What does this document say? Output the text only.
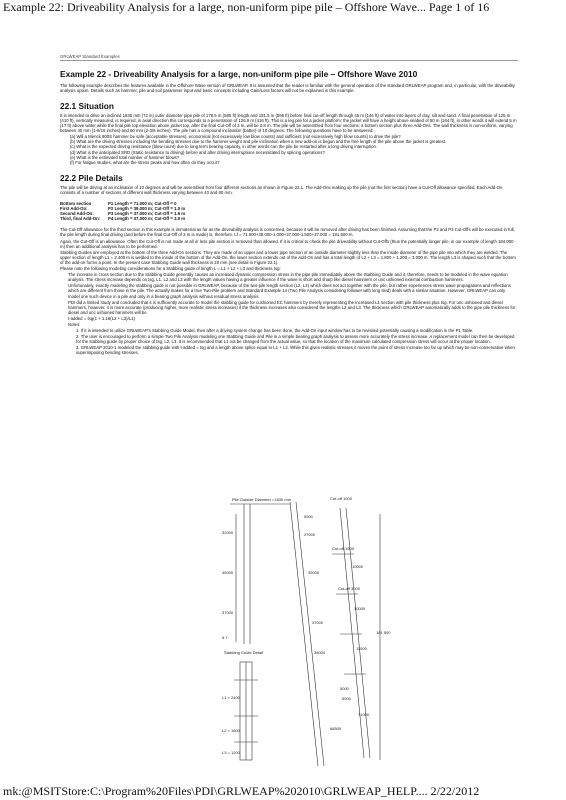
Example 22: Driveability Analysis for a large, non-uniform pipe pile – Offshore Wave... Page 1 of 16
GRLWEAP Standard Examples
Example 22 - Driveability Analysis for a large, non-uniform pipe pile – Offshore Wave 2010

The following example describes the features available in the Offshore Wave version of GRLWEAP. It is assumed that the reader is familiar with the general operation of the standard GRLWEAP program and, in particular, with the driveability analysis option. Details such as hammer, pile and soil parameter input and basic concepts including Gain/Loss factors will not be explained in this example.

22.1 Situation

It is intended to drive an inclined 1830 mm (72 in) outer diameter pipe pile of 178.5 m (585 ft) length and 181.5 m (595 ft) before final cut-off length through 45 m (146 ft) of water into layers of clay, silt and sand. A final penetration of 125 m (410 ft), vertically measured, is required, in axial direction this corresponds to a penetration of 126.9 m (416 ft). This is a leg pile for a jacket platform; the jacket will have a height above seabed of 50 m (164 ft), in other words it will extend 5 m (17 ft) above water while the final pile top elevation above jacket top, after the final Cut-Off of 3 m, will be 0.8 m. The pile will be assembled from four sections: a bottom section plus three Add-Ons. The wall thickness is non-uniform, varying between 40 mm (1-9/16 inches) and 60 mm (2-3/8 inches). The pile has a compound inclination (batter) of 10 degrees. The following questions have to be answered:

(a) Will a Menck 800S hammer be safe (acceptable stresses), economical (not excessively low blow counts) and sufficient (not excessively high blow counts) to drive the pile?
(b) What are the driving stresses including the bending stresses due to the hammer weight and pile inclination when a new add-on is begun and the free length of the pile above the jacket is greatest.
(c) What is the expected driving resistance (blow count) due to long term bearing capacity, in other words can the pile be restarted after a long driving interruption.
(d) What is the anticipated SRD (Static resistance to driving) before and after driving interruptions necessitated by splicing operations?
(e) What is the estimated total number of hammer blows?
(f) For fatigue studies, what are the stress peaks and how often do they occur?
22.2 Pile Details

The pile will be driving at an inclination of 10 degrees and will be assembled from four different sections as shown in Figure 22.1. The Add-Ons making up the pile (not the first section) have a Cut-Off allowance specified. Each Add-On consists of a number of sections of different wall thickness varying between 40 and 60 mm.

Bottom section	P1 Length = 71.000 m; Cut-Off = 0
First Add-On:	P2 Length = 39.000 m; Cut-Off = 1.0 m
Second Add-On:	P3 Length = 37.000 m; Cut-Off = 1.5 m
Third, final Add-On:	P4 Length = 37.000 m; Cut-Off = 3.0 m

The Cut-Off allowance for the third section in this example is immaterial as far as the driveability analysis is concerned, because it will be removed after driving has been finished. Assuming that the P2 and P3 Cut-Offs will be executed in full, the pile length during final driving (and before the final Cut-Off of 3 m is made) is, therefore, Lf = 71.000+39.000-1.000+37.000-1.500+37.000 = 181.500 m.

Again, the Cut-Off is an allowance. Often the Cut-Off is not made at all or less pile section is removed than allowed. If it is critical to check the pile driveability without Cut-Offs (thus the potentially longer pile, in our example of length 184.000 m) then an additional analysis has to be performed.

Stabbing Guides are employed at the bottom of the three Add-On sections. They are made of an upper and a lower pipe section of an outside diameter slightly less than the inside diameter of the pipe pile into which they are welded. The upper section of length L1 = 2.400 m is welded to the inside of the bottom of the Add-On, the lower section extends out of the Add-On and has a total length of L2 + L3 = 1.800 + 1.200 = 3.000 m. The length L3 is shaped such that the bottom of the add-on forms a point. In the present case Stabbing Guide wall thickness is 20 mm (see detail in Figure 22.1).

Please note the following modeling considerations for a Stabbing guide of length L = L1 + L2 + L3 and thickness tsg:

The increase in cross section due to the Stabbing Guide generally causes an increased dynamic compression stress in the pipe pile immediately above the Stabbing Guide and it, therefore, needs to be modeled in the wave equation analysis. The stress increase depends on tsg, L1, L2 and L3 with the length values having a greater influence if the wave is short and sharp like diesel hammers or unc ushioned external combustion hammers.

Unfortunately, exactly modeling the stabbing guide is not possible in GRLWEAP, because of the two-pile length section (L2, L3) which does not act together with the pile, but rather experiences stress wave propagations and reflections which are different from those in the pile. The actually makes for a true Two-Pile problem and Standard Example 14 (Two Pile Analysis considering follower with long sled) deals with a similar situation. However, GRLWEAP can only model one such device in a pile and only in a bearing graph analysis without residual stress analysis.

PDI did a limited study and concluded that it is sufficiently accurate to model the stabbing guide for cushioned EC hammers by merely representing the increased L1 section with pile thickness plus tsg. For unc ushioned and diesel hammers, however, it is more accurate (producing higher, more realistic stress increases) if the thickness increases also considered the lengths L2 and L3. The thickness which GRLWEAP automatically adds to the pipe pile thickness for diesel and unc ushioned hammers will be

t-added = tsg(1 + 1.16(L2 + L3)/L1)

Notes:

1. If it is intended to utilize GRLWEAP's Stabbing Guide Model, then after a driving system change has been done, the Add-On input window has to be revisited potentially causing a modification in the P1 Table.

2. The user is encouraged to perform a simple Two Pile Analysis modeling one Stabbing Guide and Pile in a simple bearing graph analysis to assess more accurately the stress increase. A replacement model can then be developed for the stabbing guide by proper choice of tsg, L2, L3. It is recommended that L1 not be changed from the actual value, so that the location of the maximum calculated compression stress will occur at the proper location.

3. GRLWEAP 2010-1 modeled the stabbing guide with t-added = tsg and a length above splice equal to L1 + L2. While this gives realistic stresses it moves the point of stress increase too far up which may be non-conservative when superimposing bending stresses.

Pile Outside Diameter =1830 mm
32000
45000
37000
5.7
Stabbing Guide Detail
L1 = 2400
L2 = 1800
L3 = 1200
Cut-off 1000
Cut-off 1500
Cut-off 3000
5000
27000
10000
10000
11000
5000
5000
39000
37000
38000
71000
68500
181 500
mk:@MSITStore:C:\Program%20Files\PDI\GRLWEAP%202010\GRLWEAP_HELP.... 2/22/2012
